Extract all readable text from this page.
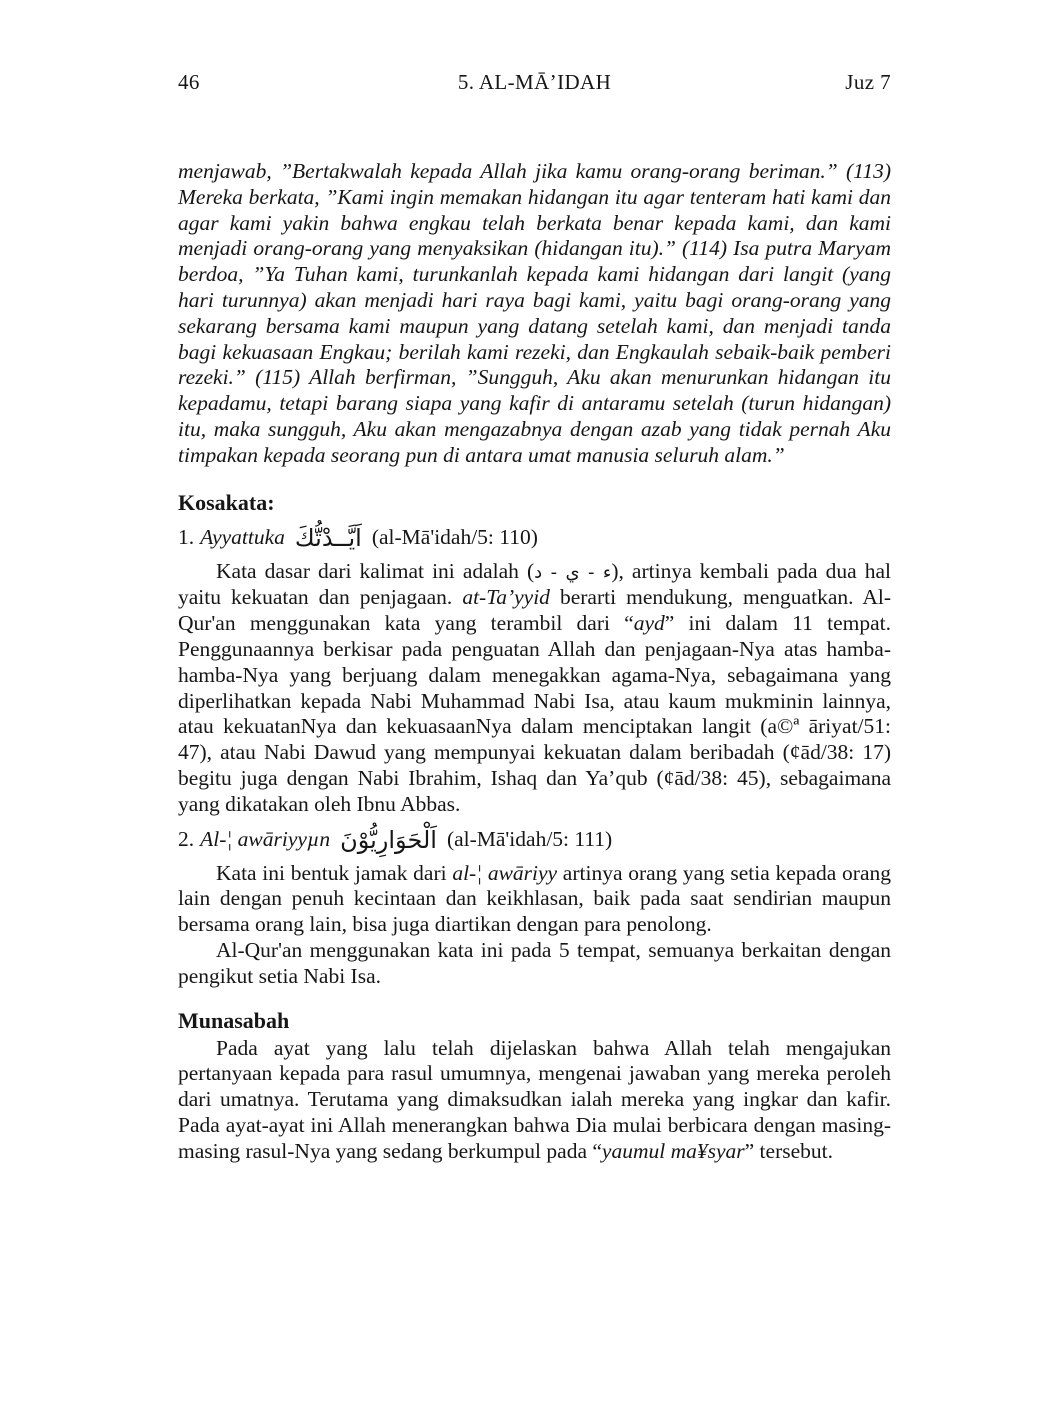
46	5. AL-MĀ’IDAH	Juz 7

menjawab, ”Bertakwalah kepada Allah jika kamu orang-orang beriman.” (113) Mereka berkata, ”Kami ingin memakan hidangan itu agar tenteram hati kami dan agar kami yakin bahwa engkau telah berkata benar kepada kami, dan kami menjadi orang-orang yang menyaksikan (hidangan itu).” (114) Isa putra Maryam berdoa, ”Ya Tuhan kami, turunkanlah kepada kami hidangan dari langit (yang hari turunnya) akan menjadi hari raya bagi kami, yaitu bagi orang-orang yang sekarang bersama kami maupun yang datang setelah kami, dan menjadi tanda bagi kekuasaan Engkau; berilah kami rezeki, dan Engkaulah sebaik-baik pemberi rezeki.” (115) Allah berfirman, ”Sungguh, Aku akan menurunkan hidangan itu kepadamu, tetapi barang siapa yang kafir di antaramu setelah (turun hidangan) itu, maka sungguh, Aku akan mengazabnya dengan azab yang tidak pernah Aku timpakan kepada seorang pun di antara umat manusia seluruh alam.”

Kosakata:
1. Ayyattuka اَيَّــدْتُّكَ (al-Mā'idah/5: 110)

Kata dasar dari kalimat ini adalah (د - ي - ء), artinya kembali pada dua hal yaitu kekuatan dan penjagaan. at-Ta’yyid berarti mendukung, menguatkan. Al-Qur'an menggunakan kata yang terambil dari “ayd” ini dalam 11 tempat. Penggunaannya berkisar pada penguatan Allah dan penjagaan-Nya atas hamba-hamba-Nya yang berjuang dalam menegakkan agama-Nya, sebagaimana yang diperlihatkan kepada Nabi Muhammad Nabi Isa, atau kaum mukminin lainnya, atau kekuatanNya dan kekuasaanNya dalam menciptakan langit (a©ª āriyat/51: 47), atau Nabi Dawud yang mempunyai kekuatan dalam beribadah (¢ād/38: 17) begitu juga dengan Nabi Ibrahim, Ishaq dan Ya’qub (¢ād/38: 45), sebagaimana yang dikatakan oleh Ibnu Abbas.

2. Al-¦ awāriyyµn اَلْحَوَارِيُّوْنَ (al-Mā'idah/5: 111)

Kata ini bentuk jamak dari al-¦ awāriyy artinya orang yang setia kepada orang lain dengan penuh kecintaan dan keikhlasan, baik pada saat sendirian maupun bersama orang lain, bisa juga diartikan dengan para penolong.

Al-Qur'an menggunakan kata ini pada 5 tempat, semuanya berkaitan dengan pengikut setia Nabi Isa.

Munasabah

Pada ayat yang lalu telah dijelaskan bahwa Allah telah mengajukan pertanyaan kepada para rasul umumnya, mengenai jawaban yang mereka peroleh dari umatnya. Terutama yang dimaksudkan ialah mereka yang ingkar dan kafir. Pada ayat-ayat ini Allah menerangkan bahwa Dia mulai berbicara dengan masing-masing rasul-Nya yang sedang berkumpul pada “yaumul ma¥syar” tersebut.
